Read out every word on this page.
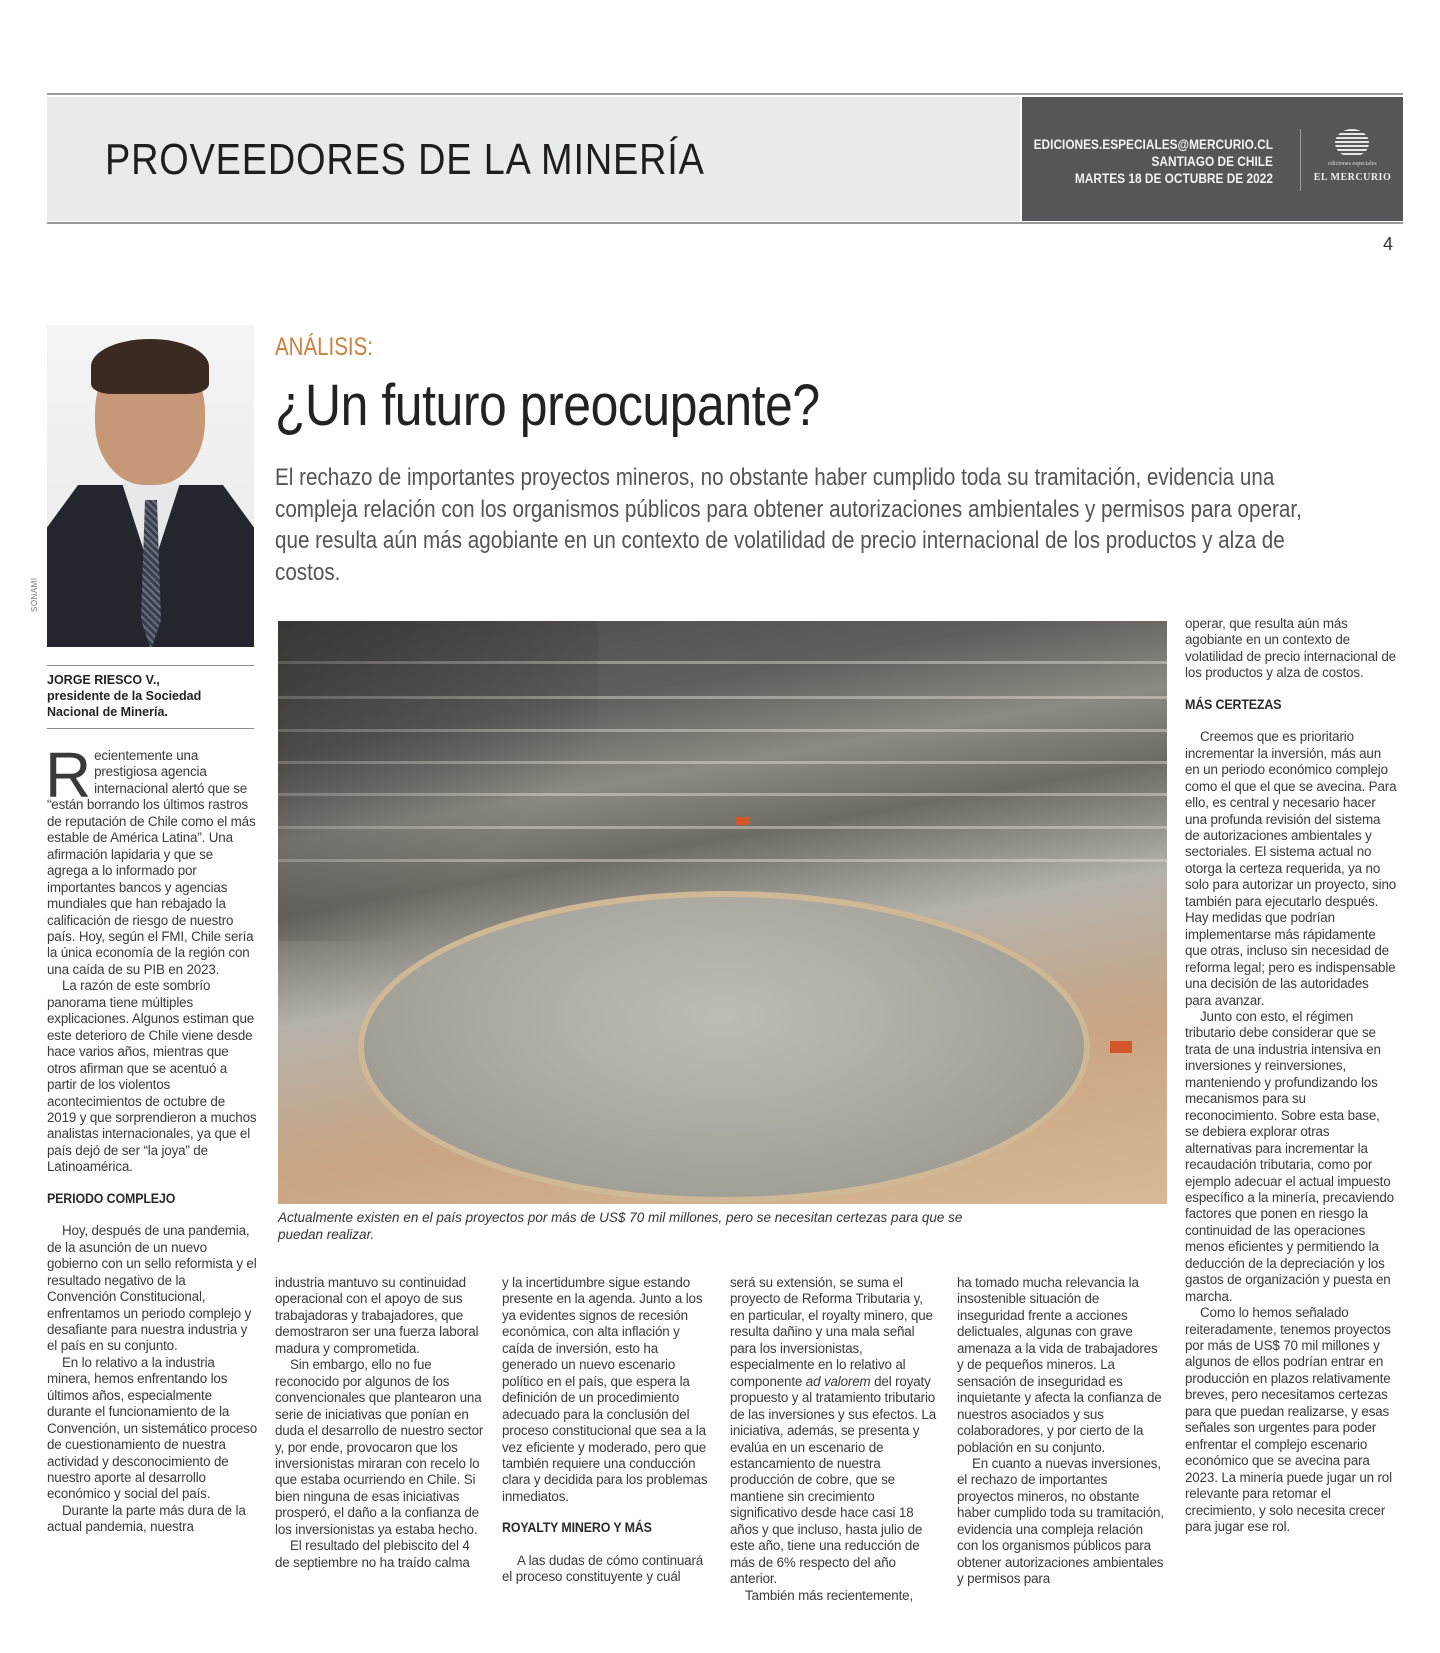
PROVEEDORES DE LA MINERÍA	EDICIONES.ESPECIALES@MERCURIO.CL
SANTIAGO DE CHILE
MARTES 18 DE OCTUBRE DE 2022
ediciones especiales
EL MERCURIO
4
SONAMI
JORGE RIESCO V.,
presidente de la Sociedad Nacional de Minería.
ANÁLISIS:
¿Un futuro preocupante?
El rechazo de importantes proyectos mineros, no obstante haber cumplido toda su tramitación, evidencia una compleja relación con los organismos públicos para obtener autorizaciones ambientales y permisos para operar, que resulta aún más agobiante en un contexto de volatilidad de precio internacional de los productos y alza de costos.
Actualmente existen en el país proyectos por más de US$ 70 mil millones, pero se necesitan certezas para que se puedan realizar.

Recientemente una prestigiosa agencia internacional alertó que se “están borrando los últimos rastros de reputación de Chile como el más estable de América Latina”. Una afirmación lapidaria y que se agrega a lo informado por importantes bancos y agencias mundiales que han rebajado la calificación de riesgo de nuestro país. Hoy, según el FMI, Chile sería la única economía de la región con una caída de su PIB en 2023.

La razón de este sombrío panorama tiene múltiples explicaciones. Algunos estiman que este deterioro de Chile viene desde hace varios años, mientras que otros afirman que se acentuó a partir de los violentos acontecimientos de octubre de 2019 y que sorprendieron a muchos analistas internacionales, ya que el país dejó de ser “la joya” de Latinoamérica.

PERIODO COMPLEJO

Hoy, después de una pandemia, de la asunción de un nuevo gobierno con un sello reformista y el resultado negativo de la Convención Constitucional, enfrentamos un periodo complejo y desafiante para nuestra industria y el país en su conjunto.

En lo relativo a la industria minera, hemos enfrentando los últimos años, especialmente durante el funcionamiento de la Convención, un sistemático proceso de cuestionamiento de nuestra actividad y desconocimiento de nuestro aporte al desarrollo económico y social del país.

Durante la parte más dura de la actual pandemia, nuestra

industria mantuvo su continuidad operacional con el apoyo de sus trabajadoras y trabajadores, que demostraron ser una fuerza laboral madura y comprometida.

Sin embargo, ello no fue reconocido por algunos de los convencionales que plantearon una serie de iniciativas que ponían en duda el desarrollo de nuestro sector y, por ende, provocaron que los inversionistas miraran con recelo lo que estaba ocurriendo en Chile. Si bien ninguna de esas iniciativas prosperó, el daño a la confianza de los inversionistas ya estaba hecho.

El resultado del plebiscito del 4 de septiembre no ha traído calma

y la incertidumbre sigue estando presente en la agenda. Junto a los ya evidentes signos de recesión económica, con alta inflación y caída de inversión, esto ha generado un nuevo escenario político en el país, que espera la definición de un procedimiento adecuado para la conclusión del proceso constitucional que sea a la vez eficiente y moderado, pero que también requiere una conducción clara y decidida para los problemas inmediatos.

ROYALTY MINERO Y MÁS

A las dudas de cómo continuará el proceso constituyente y cuál

será su extensión, se suma el proyecto de Reforma Tributaria y, en particular, el royalty minero, que resulta dañino y una mala señal para los inversionistas, especialmente en lo relativo al componente ad valorem del royaty propuesto y al tratamiento tributario de las inversiones y sus efectos. La iniciativa, además, se presenta y evalúa en un escenario de estancamiento de nuestra producción de cobre, que se mantiene sin crecimiento significativo desde hace casi 18 años y que incluso, hasta julio de este año, tiene una reducción de más de 6% respecto del año anterior.

También más recientemente,

ha tomado mucha relevancia la insostenible situación de inseguridad frente a acciones delictuales, algunas con grave amenaza a la vida de trabajadores y de pequeños mineros. La sensación de inseguridad es inquietante y afecta la confianza de nuestros asociados y sus colaboradores, y por cierto de la población en su conjunto.

En cuanto a nuevas inversiones, el rechazo de importantes proyectos mineros, no obstante haber cumplido toda su tramitación, evidencia una compleja relación con los organismos públicos para obtener autorizaciones ambientales y permisos para

operar, que resulta aún más agobiante en un contexto de volatilidad de precio internacional de los productos y alza de costos.

MÁS CERTEZAS

Creemos que es prioritario incrementar la inversión, más aun en un periodo económico complejo como el que el que se avecina. Para ello, es central y necesario hacer una profunda revisión del sistema de autorizaciones ambientales y sectoriales. El sistema actual no otorga la certeza requerida, ya no solo para autorizar un proyecto, sino también para ejecutarlo después. Hay medidas que podrían implementarse más rápidamente que otras, incluso sin necesidad de reforma legal; pero es indispensable una decisión de las autoridades para avanzar.

Junto con esto, el régimen tributario debe considerar que se trata de una industria intensiva en inversiones y reinversiones, manteniendo y profundizando los mecanismos para su reconocimiento. Sobre esta base, se debiera explorar otras alternativas para incrementar la recaudación tributaria, como por ejemplo adecuar el actual impuesto específico a la minería, precaviendo factores que ponen en riesgo la continuidad de las operaciones menos eficientes y permitiendo la deducción de la depreciación y los gastos de organización y puesta en marcha.

Como lo hemos señalado reiteradamente, tenemos proyectos por más de US$ 70 mil millones y algunos de ellos podrían entrar en producción en plazos relativamente breves, pero necesitamos certezas para que puedan realizarse, y esas señales son urgentes para poder enfrentar el complejo escenario económico que se avecina para 2023. La minería puede jugar un rol relevante para retomar el crecimiento, y solo necesita crecer para jugar ese rol.
